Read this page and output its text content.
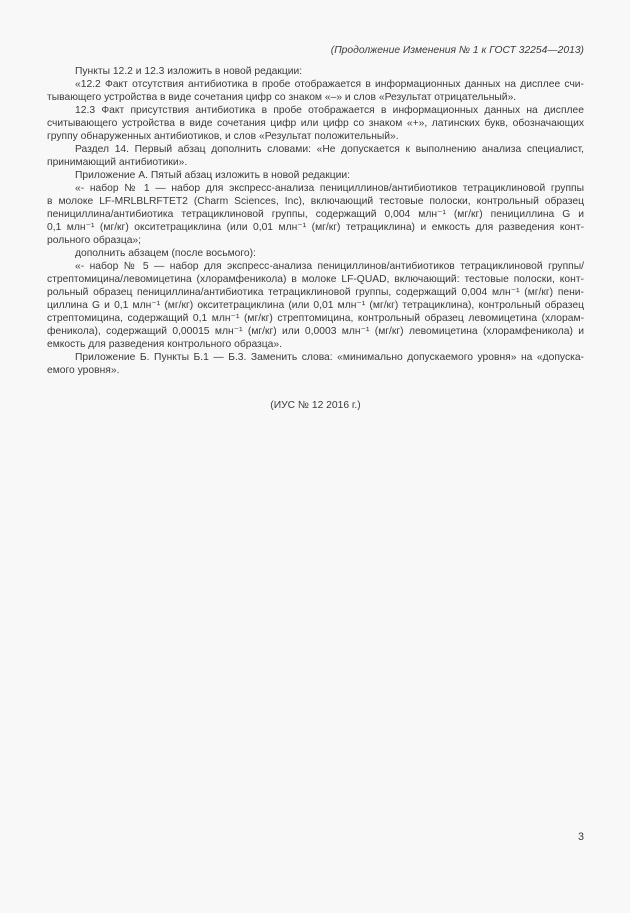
(Продолжение Изменения № 1 к ГОСТ 32254—2013)
Пункты 12.2 и 12.3 изложить в новой редакции:
«12.2 Факт отсутствия антибиотика в пробе отображается в информационных данных на дисплее счи-
тывающего устройства в виде сочетания цифр со знаком «–» и слов «Результат отрицательный».
12.3 Факт присутствия антибиотика в пробе отображается в информационных данных на дисплее
считывающего устройства в виде сочетания цифр или цифр со знаком «+», латинских букв, обозначающих
группу обнаруженных антибиотиков, и слов «Результат положительный».
Раздел 14. Первый абзац дополнить словами: «Не допускается к выполнению анализа специалист,
принимающий антибиотики».
Приложение А. Пятый абзац изложить в новой редакции:
«- набор № 1 — набор для экспресс-анализа пенициллинов/антибиотиков тетрациклиновой группы
в молоке LF-MRLBLRFTET2 (Charm Sciences, Inc), включающий тестовые полоски, контрольный образец
пенициллина/антибиотика тетрациклиновой группы, содержащий 0,004 млн⁻¹ (мг/кг) пенициллина G и
0,1 млн⁻¹ (мг/кг) окситетрациклина (или 0,01 млн⁻¹ (мг/кг) тетрациклина) и емкость для разведения конт-
рольного образца»;
дополнить абзацем (после восьмого):
«- набор № 5 — набор для экспресс-анализа пенициллинов/антибиотиков тетрациклиновой группы/
стрептомицина/левомицетина (хлорамфеникола) в молоке LF-QUAD, включающий: тестовые полоски, конт-
рольный образец пенициллина/антибиотика тетрациклиновой группы, содержащий 0,004 млн⁻¹ (мг/кг) пени-
циллина G и 0,1 млн⁻¹ (мг/кг) окситетрациклина (или 0,01 млн⁻¹ (мг/кг) тетрациклина), контрольный образец
стрептомицина, содержащий 0,1 млн⁻¹ (мг/кг) стрептомицина, контрольный образец левомицетина (хлорам-
феникола), содержащий 0,00015 млн⁻¹ (мг/кг) или 0,0003 млн⁻¹ (мг/кг) левомицетина (хлорамфеникола) и
емкость для разведения контрольного образца».
Приложение Б. Пункты Б.1 — Б.3. Заменить слова: «минимально допускаемого уровня» на «допуска-
емого уровня».
(ИУС № 12 2016 г.)
3
